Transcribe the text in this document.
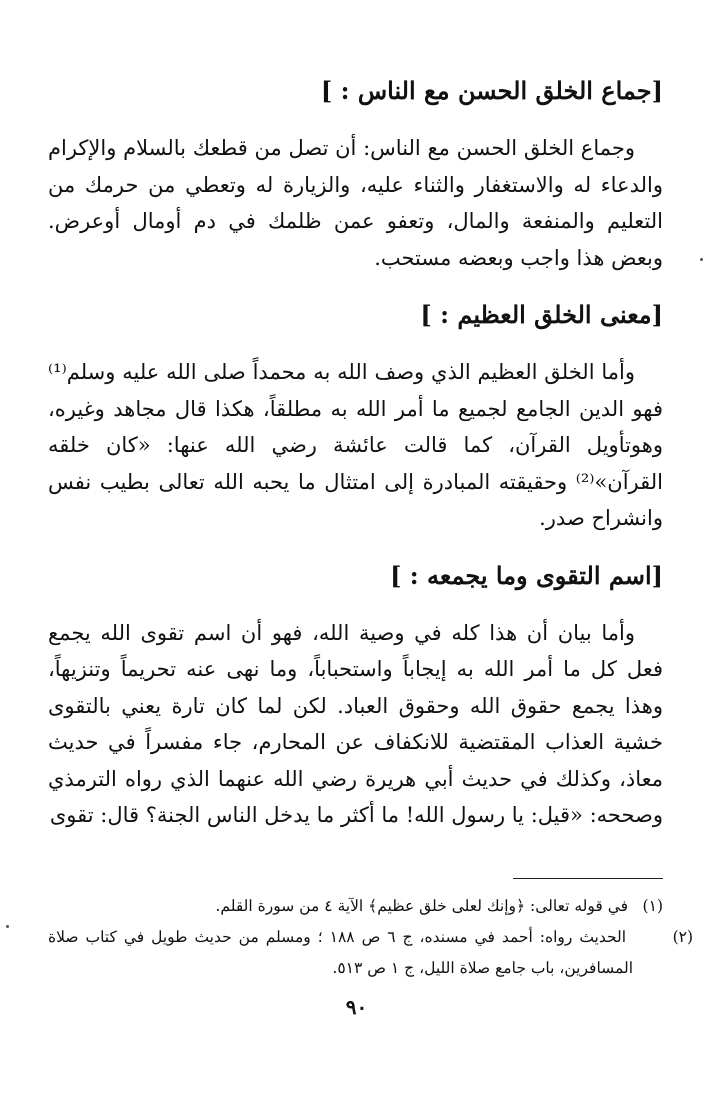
[جماع الخلق الحسن مع الناس : ]

وجماع الخلق الحسن مع الناس: أن تصل من قطعك بالسلام والإكرام والدعاء له والاستغفار والثناء عليه، والزيارة له وتعطي من حرمك من التعليم والمنفعة والمال، وتعفو عمن ظلمك في دم أومال أوعرض. وبعض هذا واجب وبعضه مستحب.

[معنى الخلق العظيم : ]

وأما الخلق العظيم الذي وصف الله به محمداً صلى الله عليه وسلم⁽¹⁾ فهو الدين الجامع لجميع ما أمر الله به مطلقاً، هكذا قال مجاهد وغيره، وهوتأويل القرآن، كما قالت عائشة رضي الله عنها: «كان خلقه القرآن»⁽²⁾ وحقيقته المبادرة إلى امتثال ما يحبه الله تعالى بطيب نفس وانشراح صدر.

[اسم التقوى وما يجمعه : ]

وأما بيان أن هذا كله في وصية الله، فهو أن اسم تقوى الله يجمع فعل كل ما أمر الله به إيجاباً واستحباباً، وما نهى عنه تحريماً وتنزيهاً، وهذا يجمع حقوق الله وحقوق العباد. لكن لما كان تارة يعني بالتقوى خشية العذاب المقتضية للانكفاف عن المحارم، جاء مفسراً في حديث معاذ، وكذلك في حديث أبي هريرة رضي الله عنهما الذي رواه الترمذي وصححه: «قيل: يا رسول الله! ما أكثر ما يدخل الناس الجنة؟ قال: تقوى

(١) في قوله تعالى: ﴿وإنك لعلى خلق عظيم﴾ الآية ٤ من سورة القلم.

(٢) الحديث رواه: أحمد في مسنده، ج ٦ ص ١٨٨ ؛ ومسلم من حديث طويل في كتاب صلاة المسافرين، باب جامع صلاة الليل، ج ١ ص ٥١٣.

٩٠
